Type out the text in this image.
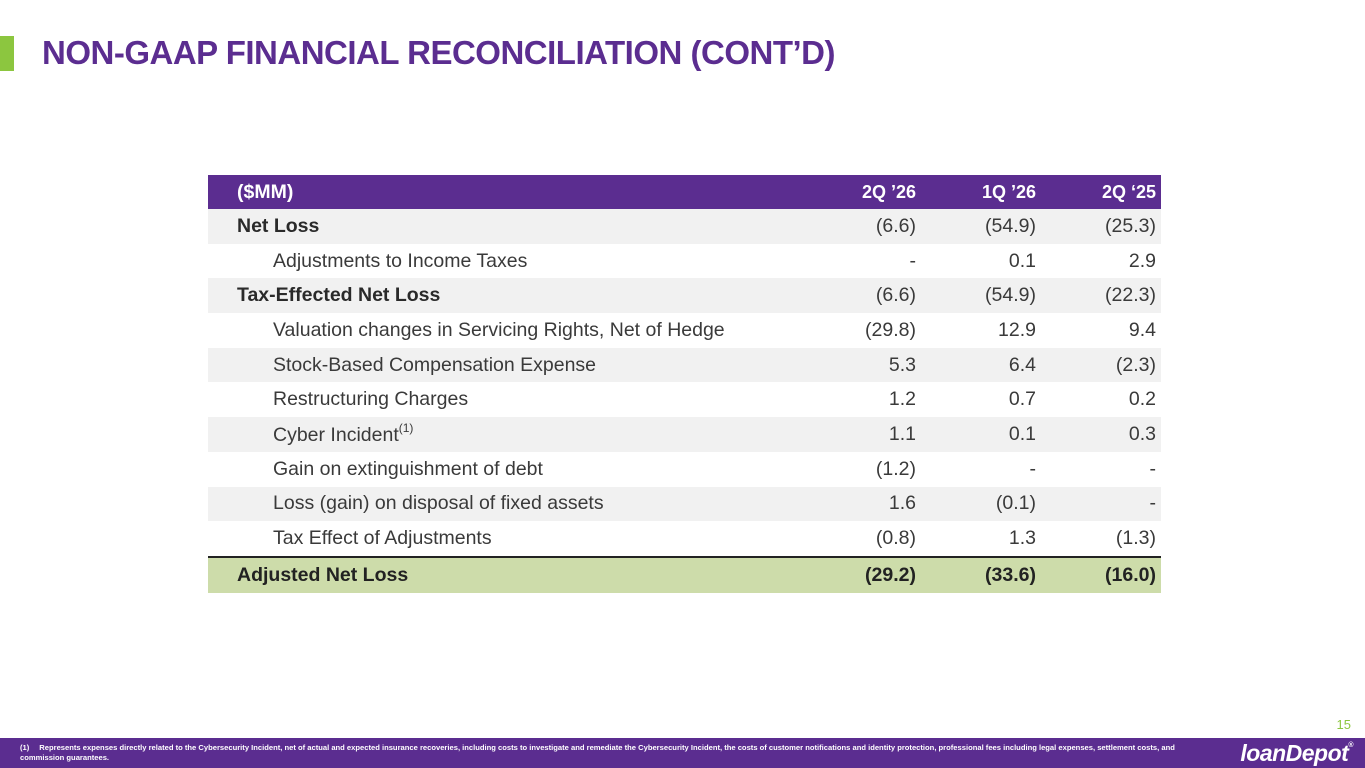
NON-GAAP FINANCIAL RECONCILIATION (CONT’D)
($MM)	2Q ’26	1Q ’26	2Q ‘25
Net Loss	(6.6)	(54.9)	(25.3)
Adjustments to Income Taxes	-	0.1	2.9
Tax-Effected Net Loss	(6.6)	(54.9)	(22.3)
Valuation changes in Servicing Rights, Net of Hedge	(29.8)	12.9	9.4
Stock-Based Compensation Expense	5.3	6.4	(2.3)
Restructuring Charges	1.2	0.7	0.2
Cyber Incident$^{(1)}$	1.1	0.1	0.3
Gain on extinguishment of debt	(1.2)	-	-
Loss (gain) on disposal of fixed assets	1.6	(0.1)	-
Tax Effect of Adjustments	(0.8)	1.3	(1.3)
Adjusted Net Loss	(29.2)	(33.6)	(16.0)
15
(1) Represents expenses directly related to the Cybersecurity Incident, net of actual and expected insurance recoveries, including costs to investigate and remediate the Cybersecurity Incident, the costs of customer notifications and identity protection, professional fees including legal expenses, settlement costs, and commission guarantees.	loanDepot®
